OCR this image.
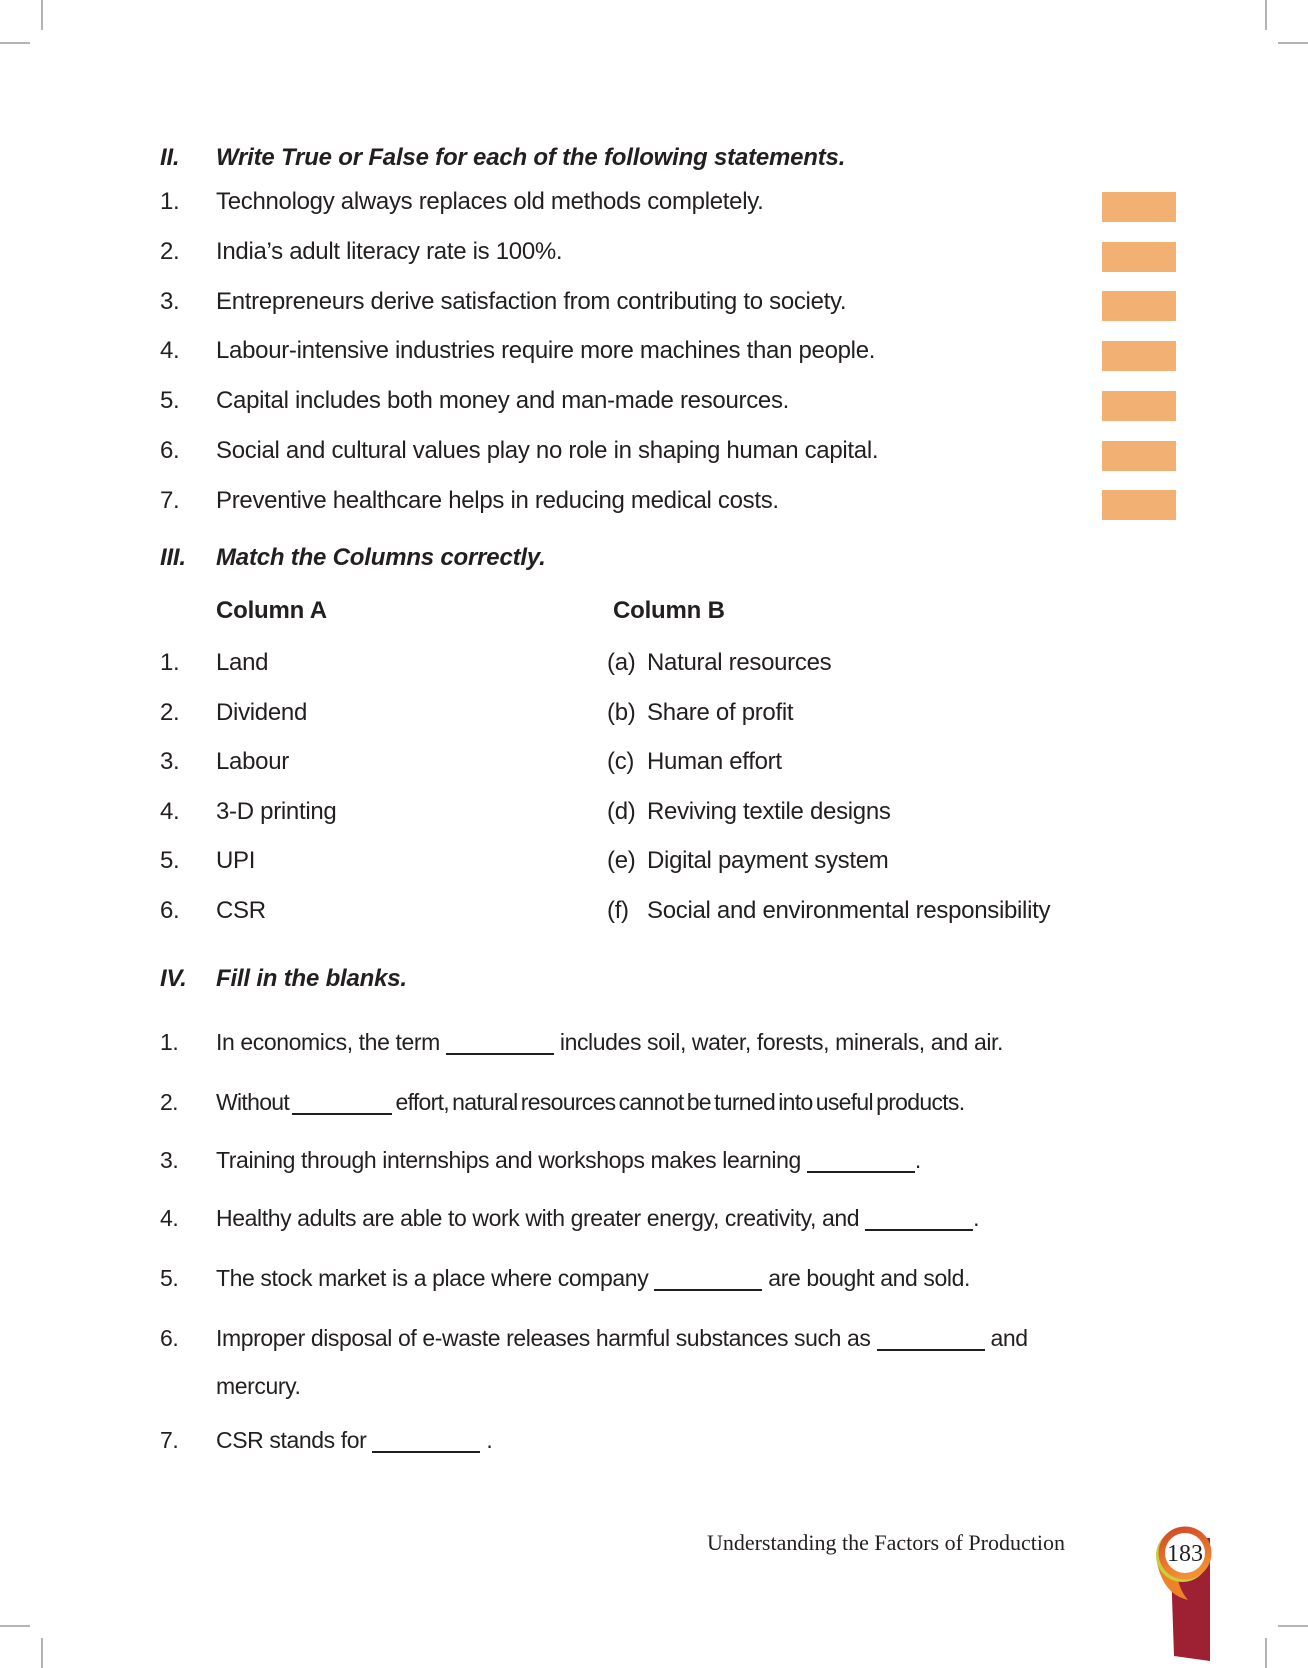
II.	Write True or False for each of the following statements.
1.	Technology always replaces old methods completely.
2.	India’s adult literacy rate is 100%.
3.	Entrepreneurs derive satisfaction from contributing to society.
4.	Labour-intensive industries require more machines than people.
5.	Capital includes both money and man-made resources.
6.	Social and cultural values play no role in shaping human capital.
7.	Preventive healthcare helps in reducing medical costs.
III.	Match the Columns correctly.
Column A	Column B
1.	Land	(a) Natural resources
2.	Dividend	(b) Share of profit
3.	Labour	(c) Human effort
4.	3-D printing	(d) Reviving textile designs
5.	UPI	(e) Digital payment system
6.	CSR	(f) Social and environmental responsibility
IV.	Fill in the blanks.
1.	In economics, the term	includes soil, water, forests, minerals, and air.
2.	Without	effort, natural resources cannot be turned into useful products.
3.	Training through internships and workshops makes learning	.
4.	Healthy adults are able to work with greater energy, creativity, and	.
5.	The stock market is a place where company	are bought and sold.
6.	Improper disposal of e-waste releases harmful substances such as	and
mercury.
7.	CSR stands for	.
Understanding the Factors of Production	183
